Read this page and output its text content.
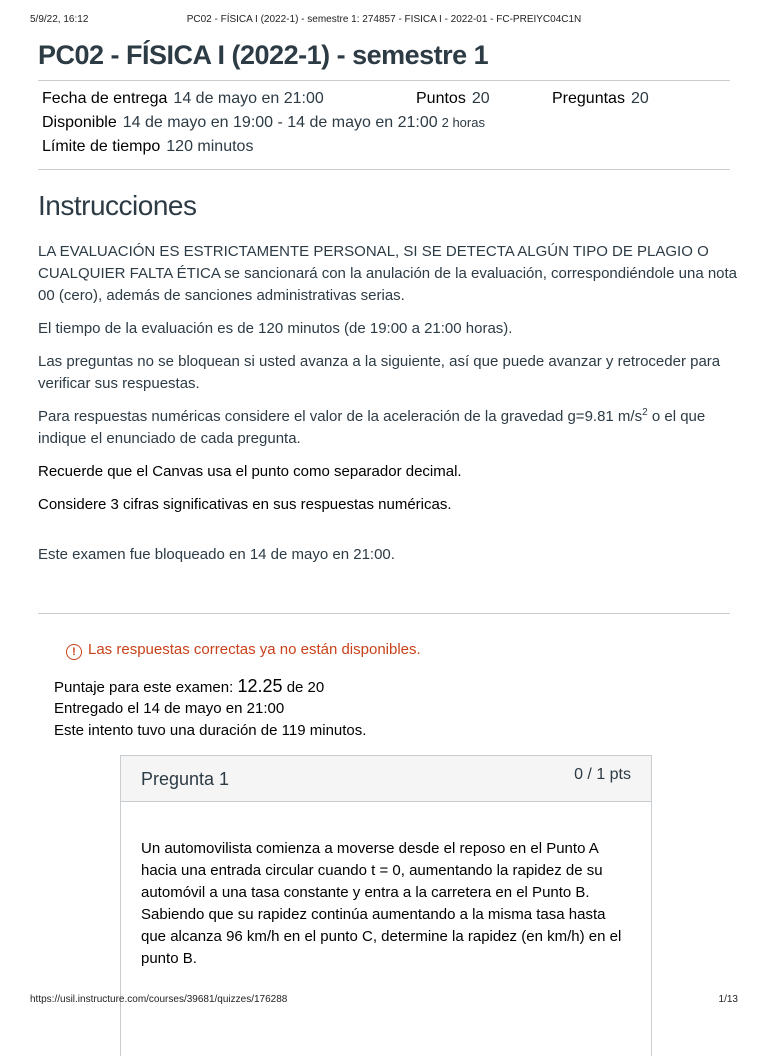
5/9/22, 16:12	PC02 - FÍSICA I (2022-1) - semestre 1: 274857 - FISICA I - 2022-01 - FC-PREIYC04C1N
PC02 - FÍSICA I (2022-1) - semestre 1
Fecha de entrega 14 de mayo en 21:00	Puntos 20	Preguntas 20
Disponible 14 de mayo en 19:00 - 14 de mayo en 21:00 2 horas
Límite de tiempo 120 minutos
Instrucciones

LA EVALUACIÓN ES ESTRICTAMENTE PERSONAL, SI SE DETECTA ALGÚN TIPO DE PLAGIO O CUALQUIER FALTA ÉTICA se sancionará con la anulación de la evaluación, correspondiéndole una nota 00 (cero), además de sanciones administrativas serias.

El tiempo de la evaluación es de 120 minutos (de 19:00 a 21:00 horas).

Las preguntas no se bloquean si usted avanza a la siguiente, así que puede avanzar y retroceder para verificar sus respuestas.

Para respuestas numéricas considere el valor de la aceleración de la gravedad g=9.81 $m/s^2$ o el que indique el enunciado de cada pregunta.

Recuerde que el Canvas usa el punto como separador decimal.

Considere 3 cifras significativas en sus respuestas numéricas.

Este examen fue bloqueado en 14 de mayo en 21:00.

! Las respuestas correctas ya no están disponibles.
Puntaje para este examen: 12.25 de 20
Entregado el 14 de mayo en 21:00
Este intento tuvo una duración de 119 minutos.
Pregunta 1	0 / 1 pts
Un automovilista comienza a moverse desde el reposo en el Punto A hacia una entrada circular cuando t = 0, aumentando la rapidez de su automóvil a una tasa constante y entra a la carretera en el Punto B. Sabiendo que su rapidez continúa aumentando a la misma tasa hasta que alcanza 96 km/h en el punto C, determine la rapidez (en km/h) en el punto B.
https://usil.instructure.com/courses/39681/quizzes/176288	1/13
